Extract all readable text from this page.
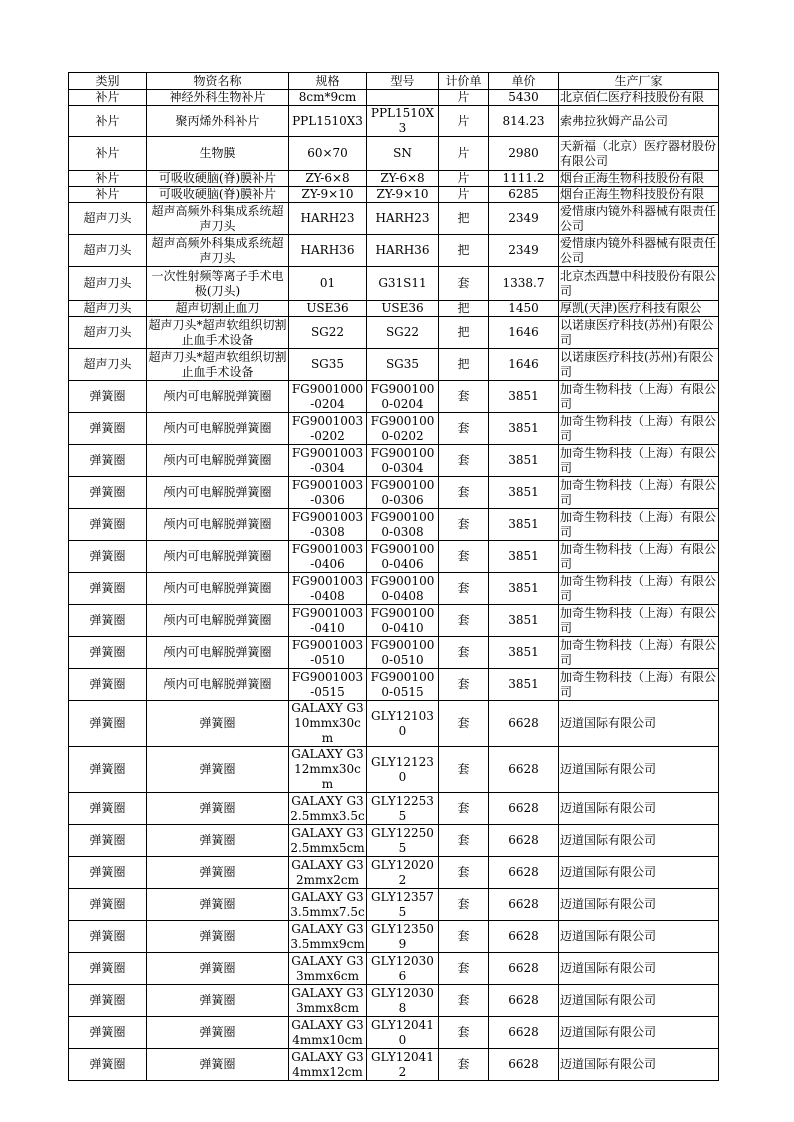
类别	物资名称	规格	型号	计价单	单价	生产厂家
补片	神经外科生物补片	8cm*9cm		片	5430	北京佰仁医疗科技股份有限
补片	聚丙烯外科补片	PPL1510X3	PPL1510X3	片	814.23	索弗拉狄姆产品公司
补片	生物膜	60×70	SN	片	2980	天新福（北京）医疗器材股份有限公司
补片	可吸收硬脑(脊)膜补片	ZY-6×8	ZY-6×8	片	1111.2	烟台正海生物科技股份有限
补片	可吸收硬脑(脊)膜补片	ZY-9×10	ZY-9×10	片	6285	烟台正海生物科技股份有限
超声刀头	超声高频外科集成系统超声刀头	HARH23	HARH23	把	2349	爱惜康内镜外科器械有限责任公司
超声刀头	超声高频外科集成系统超声刀头	HARH36	HARH36	把	2349	爱惜康内镜外科器械有限责任公司
超声刀头	一次性射频等离子手术电极(刀头)	01	G31S11	套	1338.7	北京杰西慧中科技股份有限公司
超声刀头	超声切割止血刀	USE36	USE36	把	1450	厚凯(天津)医疗科技有限公
超声刀头	超声刀头*超声软组织切割止血手术设备	SG22	SG22	把	1646	以诺康医疗科技(苏州)有限公司
超声刀头	超声刀头*超声软组织切割止血手术设备	SG35	SG35	把	1646	以诺康医疗科技(苏州)有限公司
弹簧圈	颅内可电解脱弹簧圈	FG9001000-0204	FG9001000-0204	套	3851	加奇生物科技（上海）有限公司
弹簧圈	颅内可电解脱弹簧圈	FG9001003-0202	FG9001000-0202	套	3851	加奇生物科技（上海）有限公司
弹簧圈	颅内可电解脱弹簧圈	FG9001003-0304	FG9001000-0304	套	3851	加奇生物科技（上海）有限公司
弹簧圈	颅内可电解脱弹簧圈	FG9001003-0306	FG9001000-0306	套	3851	加奇生物科技（上海）有限公司
弹簧圈	颅内可电解脱弹簧圈	FG9001003-0308	FG9001000-0308	套	3851	加奇生物科技（上海）有限公司
弹簧圈	颅内可电解脱弹簧圈	FG9001003-0406	FG9001000-0406	套	3851	加奇生物科技（上海）有限公司
弹簧圈	颅内可电解脱弹簧圈	FG9001003-0408	FG9001000-0408	套	3851	加奇生物科技（上海）有限公司
弹簧圈	颅内可电解脱弹簧圈	FG9001003-0410	FG9001000-0410	套	3851	加奇生物科技（上海）有限公司
弹簧圈	颅内可电解脱弹簧圈	FG9001003-0510	FG9001000-0510	套	3851	加奇生物科技（上海）有限公司
弹簧圈	颅内可电解脱弹簧圈	FG9001003-0515	FG9001000-0515	套	3851	加奇生物科技（上海）有限公司
弹簧圈	弹簧圈	GALAXY G3 10mmx30cm	GLY121030	套	6628	迈道国际有限公司
弹簧圈	弹簧圈	GALAXY G3 12mmx30cm	GLY121230	套	6628	迈道国际有限公司
弹簧圈	弹簧圈	GALAXY G3 2.5mmx3.5c	GLY122535	套	6628	迈道国际有限公司
弹簧圈	弹簧圈	GALAXY G3 2.5mmx5cm	GLY122505	套	6628	迈道国际有限公司
弹簧圈	弹簧圈	GALAXY G3 2mmx2cm	GLY120202	套	6628	迈道国际有限公司
弹簧圈	弹簧圈	GALAXY G3 3.5mmx7.5c	GLY123575	套	6628	迈道国际有限公司
弹簧圈	弹簧圈	GALAXY G3 3.5mmx9cm	GLY123509	套	6628	迈道国际有限公司
弹簧圈	弹簧圈	GALAXY G3 3mmx6cm	GLY120306	套	6628	迈道国际有限公司
弹簧圈	弹簧圈	GALAXY G3 3mmx8cm	GLY120308	套	6628	迈道国际有限公司
弹簧圈	弹簧圈	GALAXY G3 4mmx10cm	GLY120410	套	6628	迈道国际有限公司
弹簧圈	弹簧圈	GALAXY G3 4mmx12cm	GLY120412	套	6628	迈道国际有限公司
